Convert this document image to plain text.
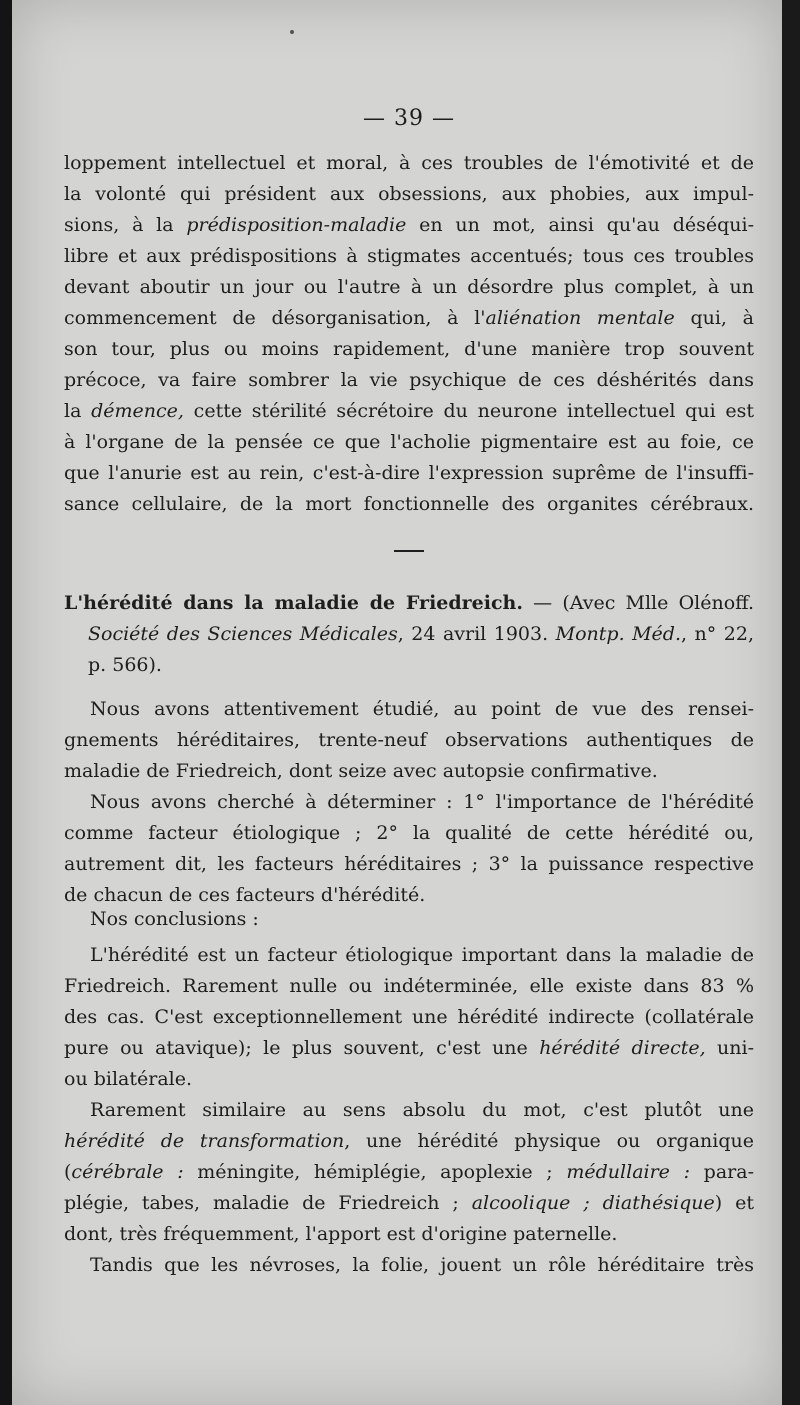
— 39 —
loppement intellectuel et moral, à ces troubles de l'émotivité et de
la volonté qui président aux obsessions, aux phobies, aux impul-
sions, à la prédisposition-maladie en un mot, ainsi qu'au déséqui-
libre et aux prédispositions à stigmates accentués; tous ces troubles
devant aboutir un jour ou l'autre à un désordre plus complet, à un
commencement de désorganisation, à l'aliénation mentale qui, à
son tour, plus ou moins rapidement, d'une manière trop souvent
précoce, va faire sombrer la vie psychique de ces déshérités dans
la démence, cette stérilité sécrétoire du neurone intellectuel qui est
à l'organe de la pensée ce que l'acholie pigmentaire est au foie, ce
que l'anurie est au rein, c'est-à-dire l'expression suprême de l'insuffi-
sance cellulaire, de la mort fonctionnelle des organites cérébraux.
L'hérédité dans la maladie de Friedreich. — (Avec Mlle Olénoff.
Société des Sciences Médicales, 24 avril 1903. Montp. Méd., n° 22,
p. 566).
Nous avons attentivement étudié, au point de vue des rensei-
gnements héréditaires, trente-neuf observations authentiques de
maladie de Friedreich, dont seize avec autopsie confirmative.
Nous avons cherché à déterminer : 1° l'importance de l'hérédité
comme facteur étiologique ; 2° la qualité de cette hérédité ou,
autrement dit, les facteurs héréditaires ; 3° la puissance respective
de chacun de ces facteurs d'hérédité.
Nos conclusions :
L'hérédité est un facteur étiologique important dans la maladie de
Friedreich. Rarement nulle ou indéterminée, elle existe dans 83 %
des cas. C'est exceptionnellement une hérédité indirecte (collatérale
pure ou atavique); le plus souvent, c'est une hérédité directe, uni-
ou bilatérale.
Rarement similaire au sens absolu du mot, c'est plutôt une
hérédité de transformation, une hérédité physique ou organique
(cérébrale : méningite, hémiplégie, apoplexie ; médullaire : para-
plégie, tabes, maladie de Friedreich ; alcoolique ; diathésique) et
dont, très fréquemment, l'apport est d'origine paternelle.
Tandis que les névroses, la folie, jouent un rôle héréditaire très
